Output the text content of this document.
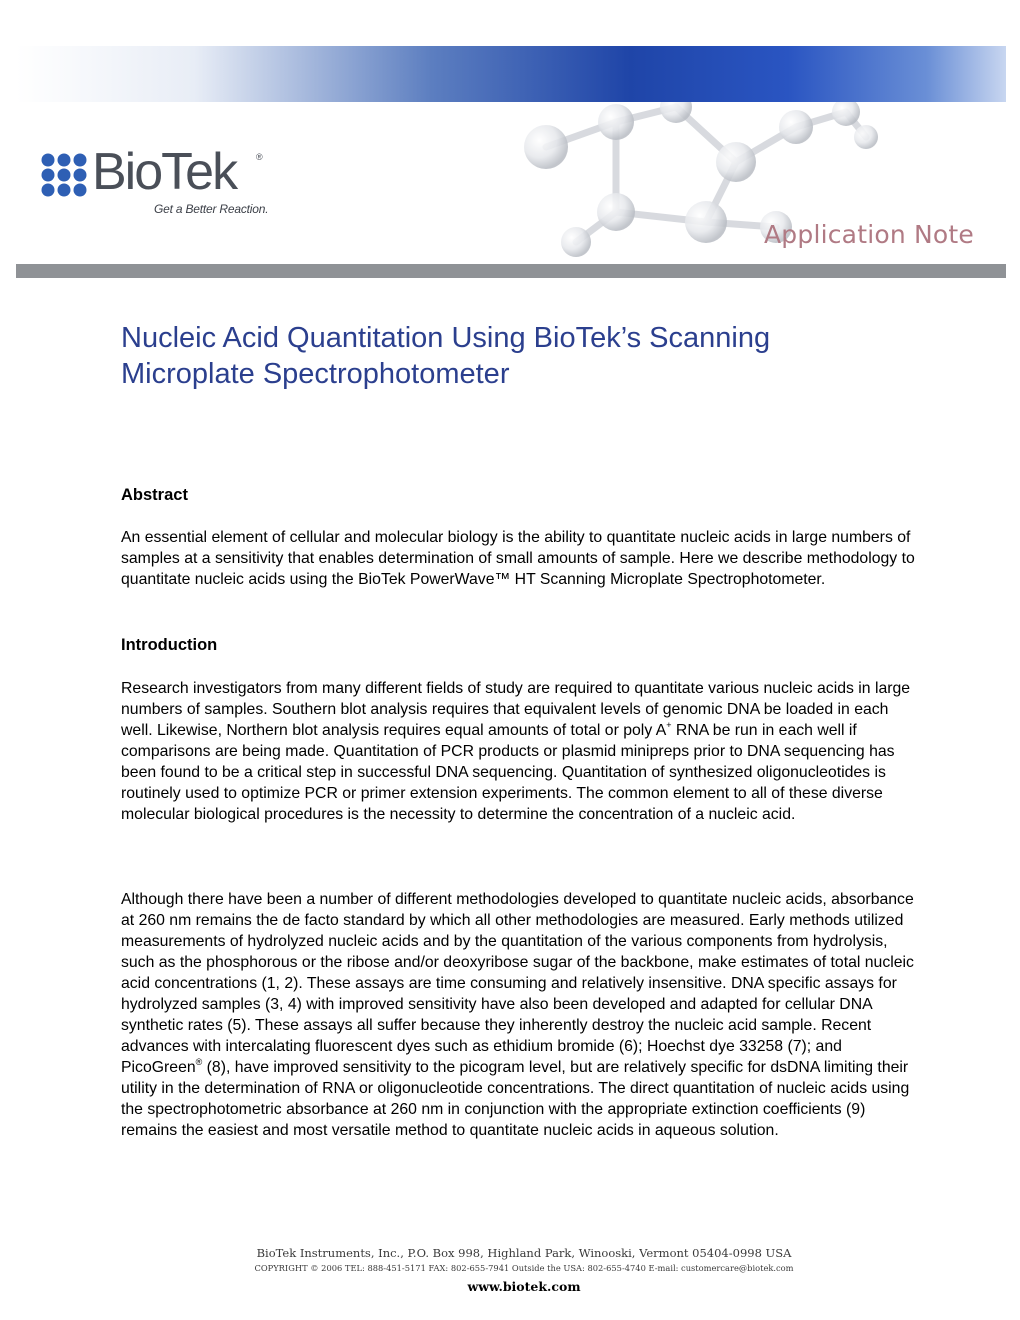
BioTek ®
Get a Better Reaction.
Application Note
Nucleic Acid Quantitation Using BioTek’s Scanning Microplate Spectrophotometer
Abstract

An essential element of cellular and molecular biology is the ability to quantitate nucleic acids in large numbers of samples at a sensitivity that enables determination of small amounts of sample. Here we describe methodology to quantitate nucleic acids using the BioTek PowerWave™ HT Scanning Microplate Spectrophotometer.

Introduction

Research investigators from many different fields of study are required to quantitate various nucleic acids in large numbers of samples. Southern blot analysis requires that equivalent levels of genomic DNA be loaded in each well. Likewise, Northern blot analysis requires equal amounts of total or poly A+ RNA be run in each well if comparisons are being made. Quantitation of PCR products or plasmid minipreps prior to DNA sequencing has been found to be a critical step in successful DNA sequencing. Quantitation of synthesized oligonucleotides is routinely used to optimize PCR or primer extension experiments. The common element to all of these diverse molecular biological procedures is the necessity to determine the concentration of a nucleic acid.

Although there have been a number of different methodologies developed to quantitate nucleic acids, absorbance at 260 nm remains the de facto standard by which all other methodologies are measured. Early methods utilized measurements of hydrolyzed nucleic acids and by the quantitation of the various components from hydrolysis, such as the phosphorous or the ribose and/or deoxyribose sugar of the backbone, make estimates of total nucleic acid concentrations (1, 2). These assays are time consuming and relatively insensitive. DNA specific assays for hydrolyzed samples (3, 4) with improved sensitivity have also been developed and adapted for cellular DNA synthetic rates (5). These assays all suffer because they inherently destroy the nucleic acid sample. Recent advances with intercalating fluorescent dyes such as ethidium bromide (6); Hoechst dye 33258 (7); and PicoGreen® (8), have improved sensitivity to the picogram level, but are relatively specific for dsDNA limiting their utility in the determination of RNA or oligonucleotide concentrations. The direct quantitation of nucleic acids using the spectrophotometric absorbance at 260 nm in conjunction with the appropriate extinction coefficients (9) remains the easiest and most versatile method to quantitate nucleic acids in aqueous solution.

BioTek Instruments, Inc., P.O. Box 998, Highland Park, Winooski, Vermont 05404-0998 USA
COPYRIGHT © 2006 TEL: 888-451-5171 FAX: 802-655-7941 Outside the USA: 802-655-4740 E-mail: customercare@biotek.com
www.biotek.com
